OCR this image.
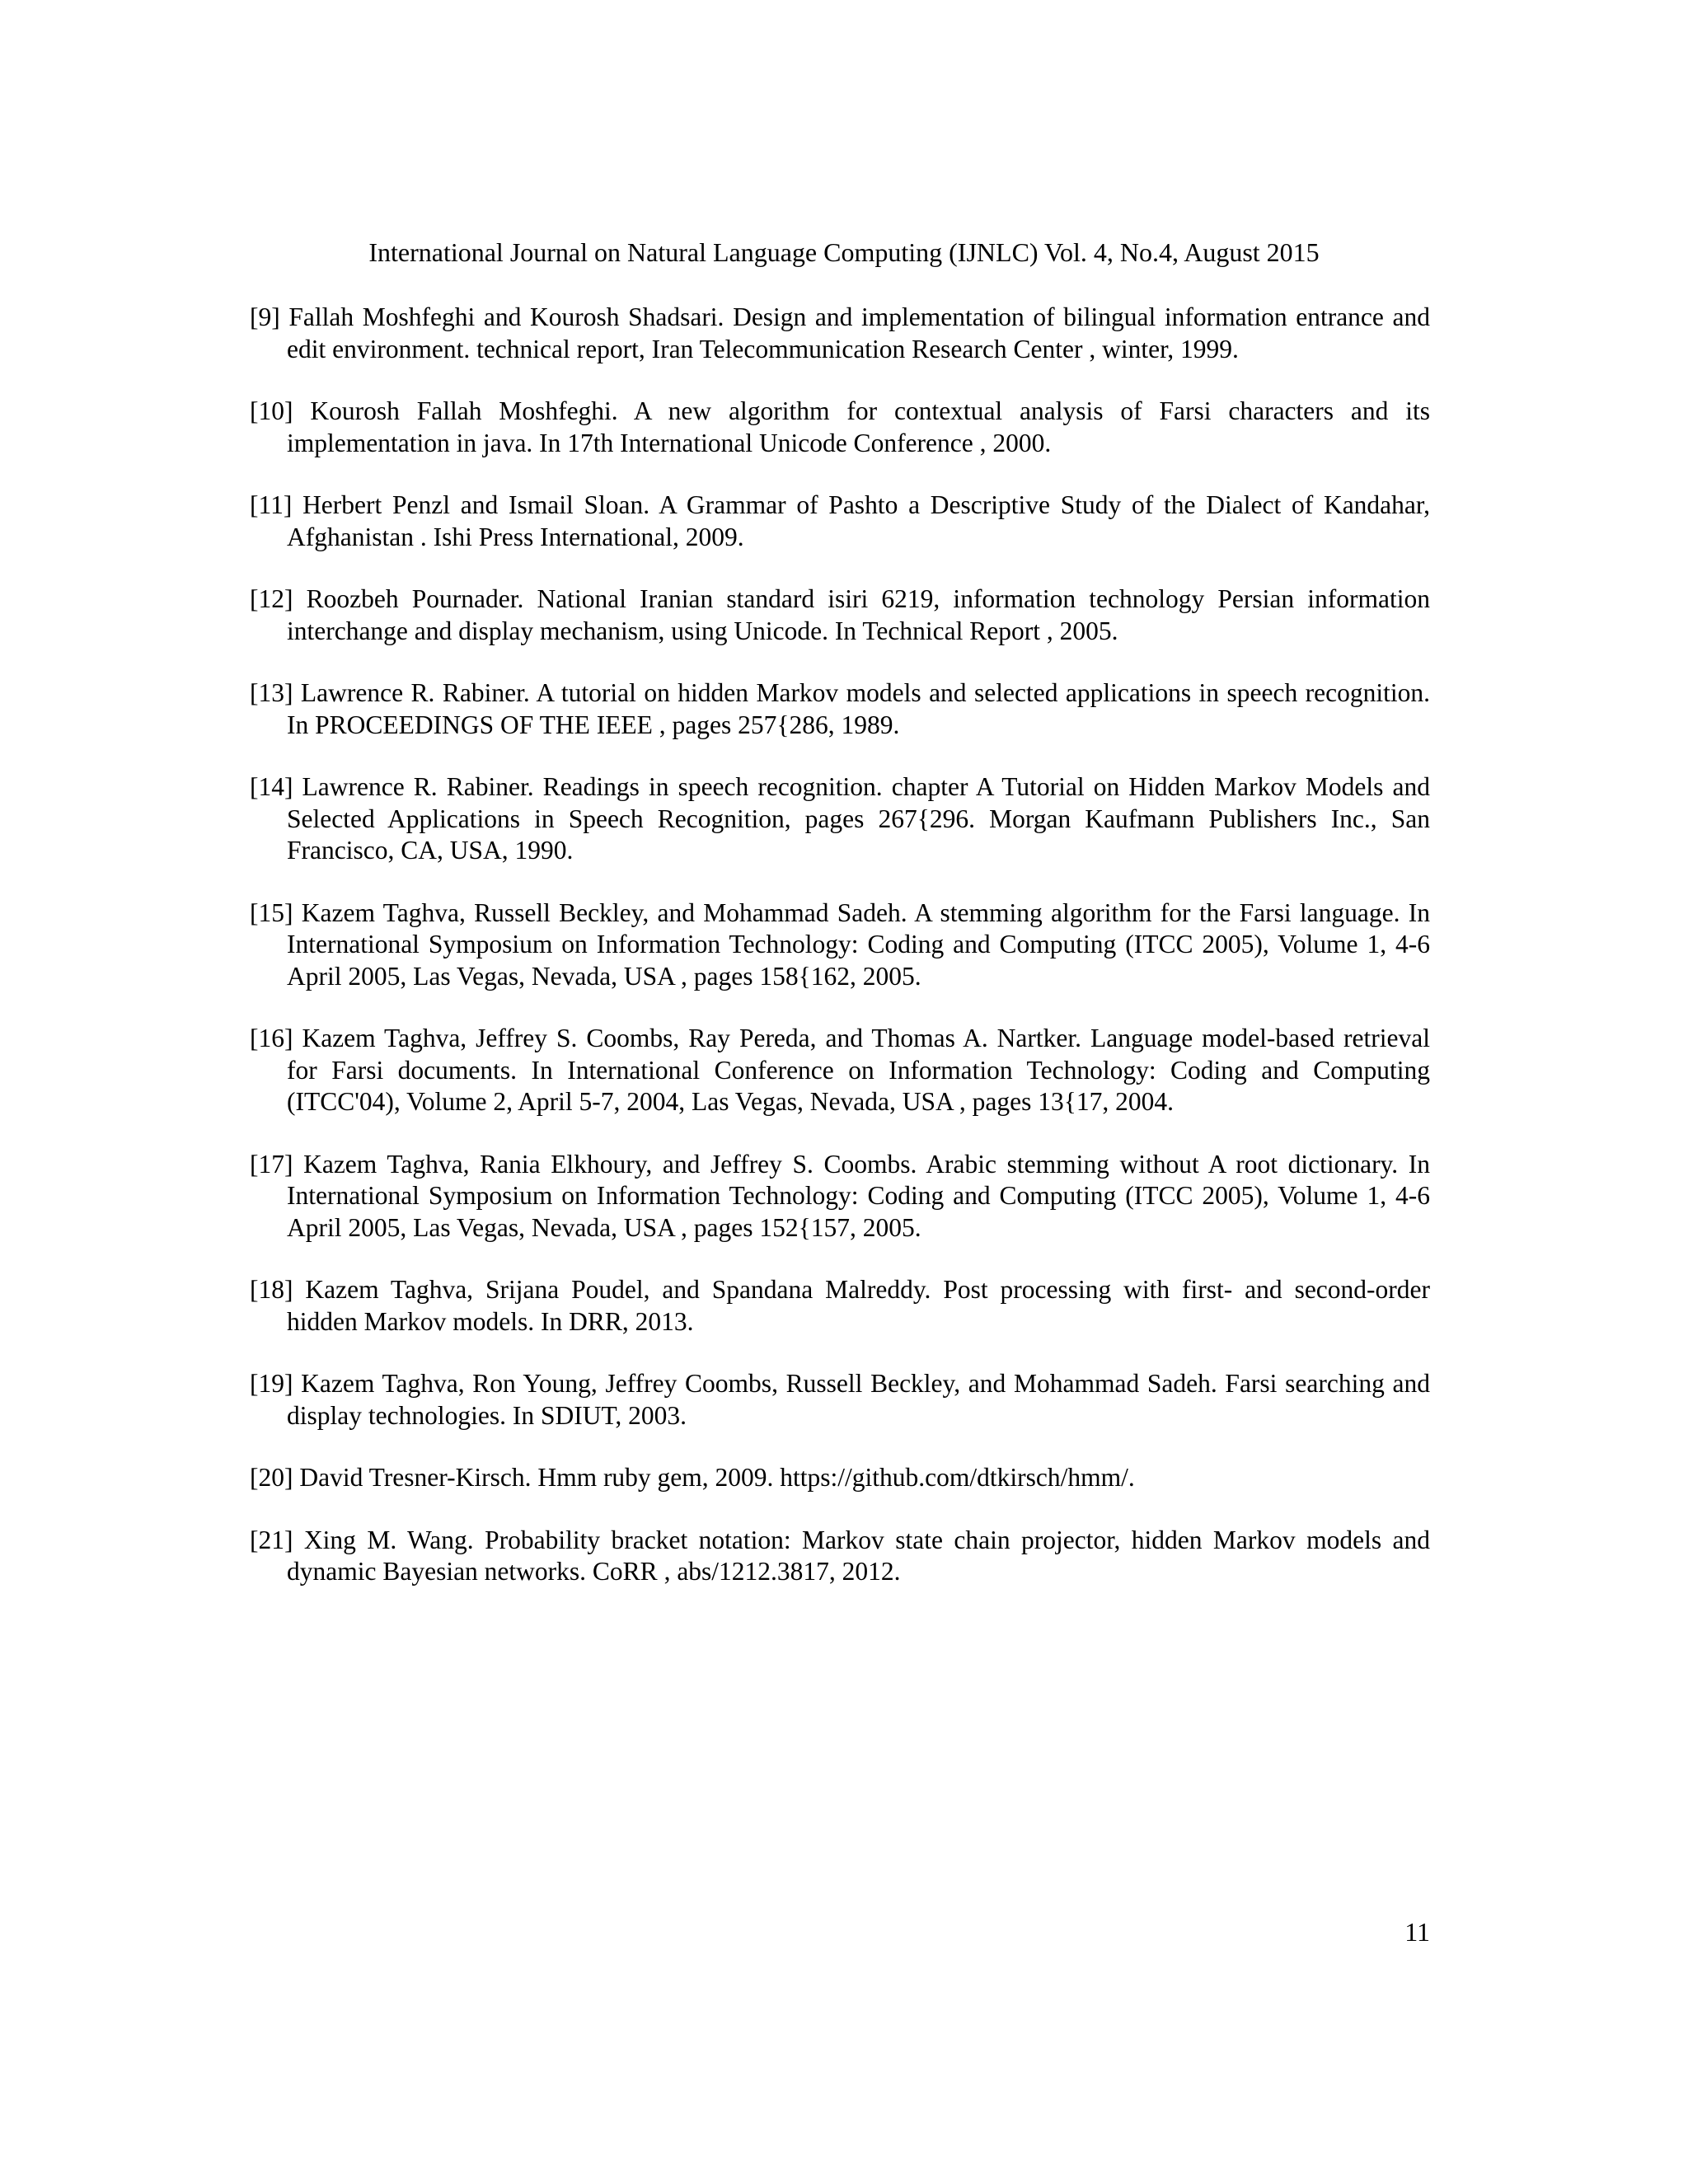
International Journal on Natural Language Computing (IJNLC) Vol. 4, No.4, August 2015

[9] Fallah Moshfeghi and Kourosh Shadsari. Design and implementation of bilingual information entrance and edit environment. technical report, Iran Telecommunication Research Center , winter, 1999.

[10] Kourosh Fallah Moshfeghi. A new algorithm for contextual analysis of Farsi characters and its implementation in java. In 17th International Unicode Conference , 2000.

[11] Herbert Penzl and Ismail Sloan. A Grammar of Pashto a Descriptive Study of the Dialect of Kandahar, Afghanistan . Ishi Press International, 2009.

[12] Roozbeh Pournader. National Iranian standard isiri 6219, information technology Persian information interchange and display mechanism, using Unicode. In Technical Report , 2005.

[13] Lawrence R. Rabiner. A tutorial on hidden Markov models and selected applications in speech recognition. In PROCEEDINGS OF THE IEEE , pages 257{286, 1989.

[14] Lawrence R. Rabiner. Readings in speech recognition. chapter A Tutorial on Hidden Markov Models and Selected Applications in Speech Recognition, pages 267{296. Morgan Kaufmann Publishers Inc., San Francisco, CA, USA, 1990.

[15] Kazem Taghva, Russell Beckley, and Mohammad Sadeh. A stemming algorithm for the Farsi language. In International Symposium on Information Technology: Coding and Computing (ITCC 2005), Volume 1, 4-6 April 2005, Las Vegas, Nevada, USA , pages 158{162, 2005.

[16] Kazem Taghva, Jeffrey S. Coombs, Ray Pereda, and Thomas A. Nartker. Language model-based retrieval for Farsi documents. In International Conference on Information Technology: Coding and Computing (ITCC'04), Volume 2, April 5-7, 2004, Las Vegas, Nevada, USA , pages 13{17, 2004.

[17] Kazem Taghva, Rania Elkhoury, and Jeffrey S. Coombs. Arabic stemming without A root dictionary. In International Symposium on Information Technology: Coding and Computing (ITCC 2005), Volume 1, 4-6 April 2005, Las Vegas, Nevada, USA , pages 152{157, 2005.

[18] Kazem Taghva, Srijana Poudel, and Spandana Malreddy. Post processing with first- and second-order hidden Markov models. In DRR, 2013.

[19] Kazem Taghva, Ron Young, Jeffrey Coombs, Russell Beckley, and Mohammad Sadeh. Farsi searching and display technologies. In SDIUT, 2003.

[20] David Tresner-Kirsch. Hmm ruby gem, 2009. https://github.com/dtkirsch/hmm/.

[21] Xing M. Wang. Probability bracket notation: Markov state chain projector, hidden Markov models and dynamic Bayesian networks. CoRR , abs/1212.3817, 2012.

11
